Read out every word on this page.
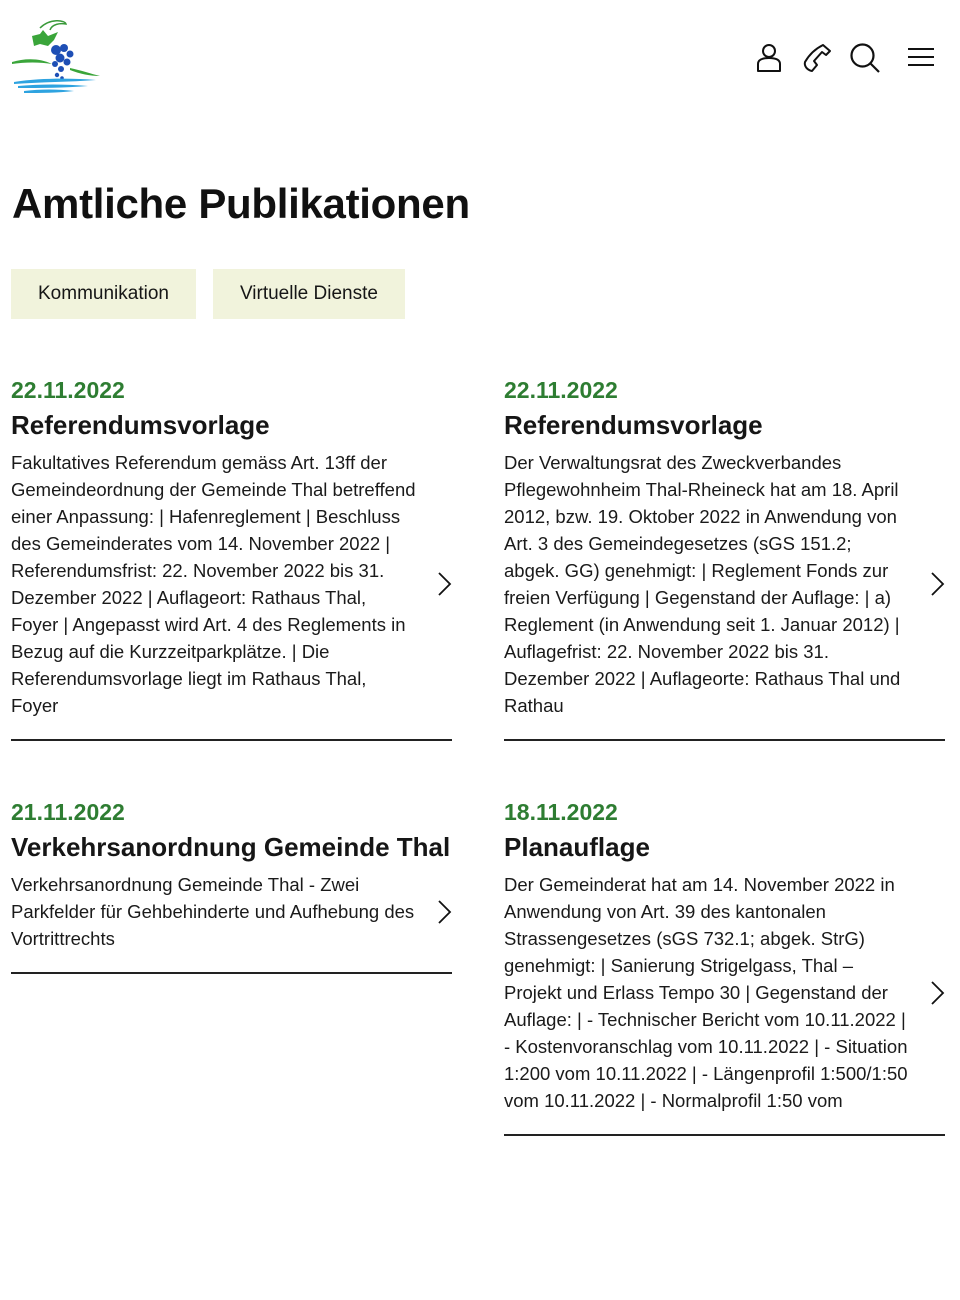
Amtliche Publikationen
Kommunikation	Virtuelle Dienste
22.11.2022
Referendumsvorlage
Fakultatives Referendum gemäss Art. 13ff der Gemeindeordnung der Gemeinde Thal betreffend einer Anpassung: | Hafenreglement | Beschluss des Gemeinderates vom 14. November 2022 | Referendumsfrist: 22. November 2022 bis 31. Dezember 2022 | Auflageort: Rathaus Thal, Foyer | Angepasst wird Art. 4 des Reglements in Bezug auf die Kurzzeitparkplätze. | Die Referendumsvorlage liegt im Rathaus Thal, Foyer
22.11.2022
Referendumsvorlage
Der Verwaltungsrat des Zweckverbandes Pflegewohnheim Thal-Rheineck hat am 18. April 2012, bzw. 19. Oktober 2022 in Anwendung von Art. 3 des Gemeindegesetzes (sGS 151.2; abgek. GG) genehmigt: | Reglement Fonds zur freien Verfügung | Gegenstand der Auflage: | a) Reglement (in Anwendung seit 1. Januar 2012) | Auflagefrist: 22. November 2022 bis 31. Dezember 2022 | Auflageorte: Rathaus Thal und Rathau
21.11.2022
Verkehrsanordnung Gemeinde Thal
Verkehrsanordnung Gemeinde Thal - Zwei Parkfelder für Gehbehinderte und Aufhebung des Vortrittrechts
18.11.2022
Planauflage
Der Gemeinderat hat am 14. November 2022 in Anwendung von Art. 39 des kantonalen Strassengesetzes (sGS 732.1; abgek. StrG) genehmigt: | Sanierung Strigelgass, Thal – Projekt und Erlass Tempo 30 | Gegenstand der Auflage: | - Technischer Bericht vom 10.11.2022 | - Kostenvoranschlag vom 10.11.2022 | - Situation 1:200 vom 10.11.2022 | - Längenprofil 1:500/1:50 vom 10.11.2022 | - Normalprofil 1:50 vom
